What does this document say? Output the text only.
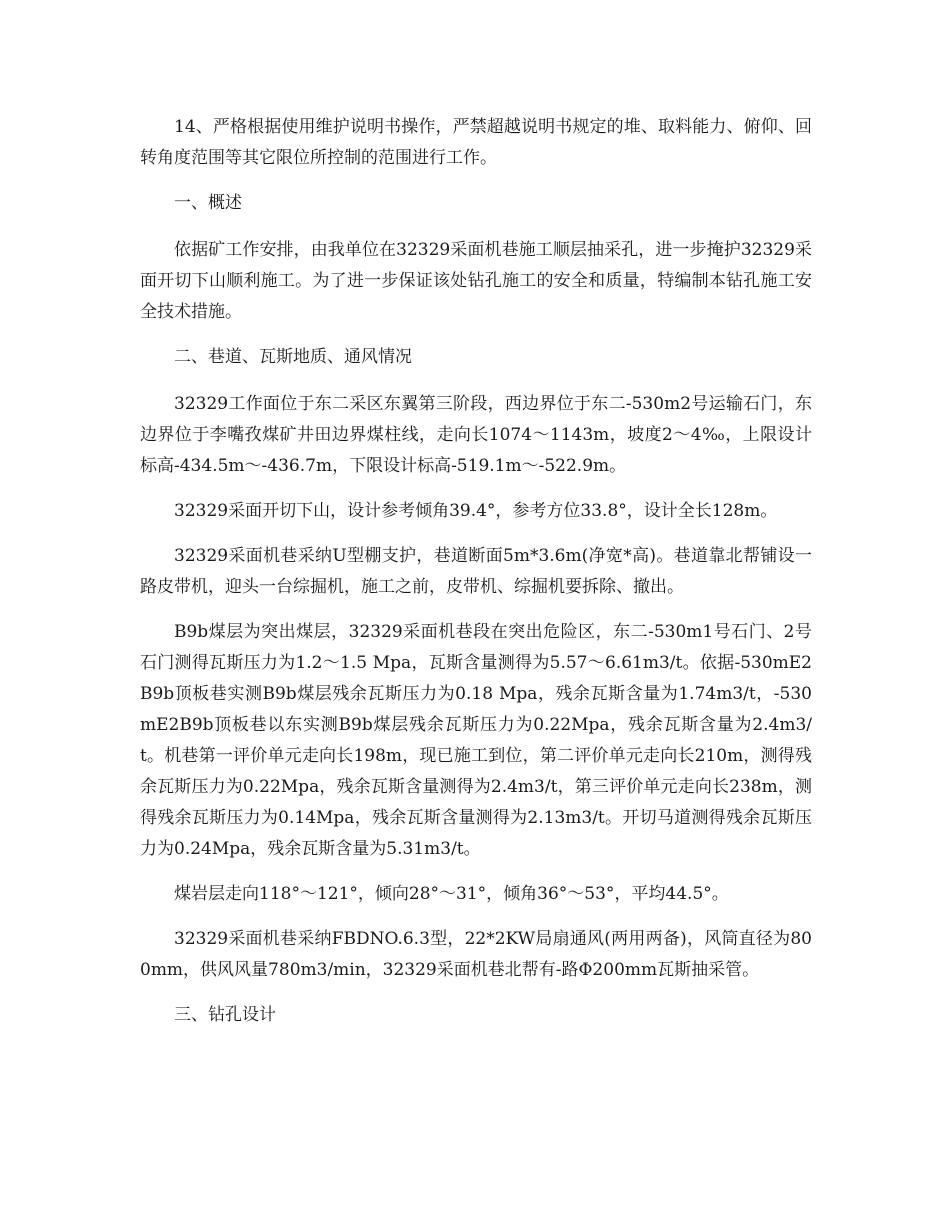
14、严格根据使用维护说明书操作，严禁超越说明书规定的堆、取料能力、俯仰、回转角度范围等其它限位所控制的范围进行工作。

一、概述

依据矿工作安排，由我单位在32329采面机巷施工顺层抽采孔，进一步掩护32329采面开切下山顺利施工。为了进一步保证该处钻孔施工的安全和质量，特编制本钻孔施工安全技术措施。

二、巷道、瓦斯地质、通风情况

32329工作面位于东二采区东翼第三阶段，西边界位于东二-530m2号运输石门，东边界位于李嘴孜煤矿井田边界煤柱线，走向长1074～1143m，坡度2～4‰，上限设计标高-434.5m～-436.7m，下限设计标高-519.1m～-522.9m。

32329采面开切下山，设计参考倾角39.4°，参考方位33.8°，设计全长128m。

32329采面机巷采纳U型棚支护，巷道断面5m*3.6m(净宽*高)。巷道靠北帮铺设一路皮带机，迎头一台综掘机，施工之前，皮带机、综掘机要拆除、撤出。

B9b煤层为突出煤层，32329采面机巷段在突出危险区，东二-530m1号石门、2号石门测得瓦斯压力为1.2～1.5 Mpa，瓦斯含量测得为5.57～6.61m3/t。依据-530mE2B9b顶板巷实测B9b煤层残余瓦斯压力为0.18 Mpa，残余瓦斯含量为1.74m3/t，-530mE2B9b顶板巷以东实测B9b煤层残余瓦斯压力为0.22Mpa，残余瓦斯含量为2.4m3/t。机巷第一评价单元走向长198m，现已施工到位，第二评价单元走向长210m，测得残余瓦斯压力为0.22Mpa，残余瓦斯含量测得为2.4m3/t，第三评价单元走向长238m，测得残余瓦斯压力为0.14Mpa，残余瓦斯含量测得为2.13m3/t。开切马道测得残余瓦斯压力为0.24Mpa，残余瓦斯含量为5.31m3/t。

煤岩层走向118°～121°，倾向28°～31°，倾角36°～53°，平均44.5°。

32329采面机巷采纳FBDNO.6.3型，22*2KW局扇通风(两用两备)，风筒直径为800mm，供风风量780m3/min，32329采面机巷北帮有-路Φ200mm瓦斯抽采管。

三、钻孔设计
